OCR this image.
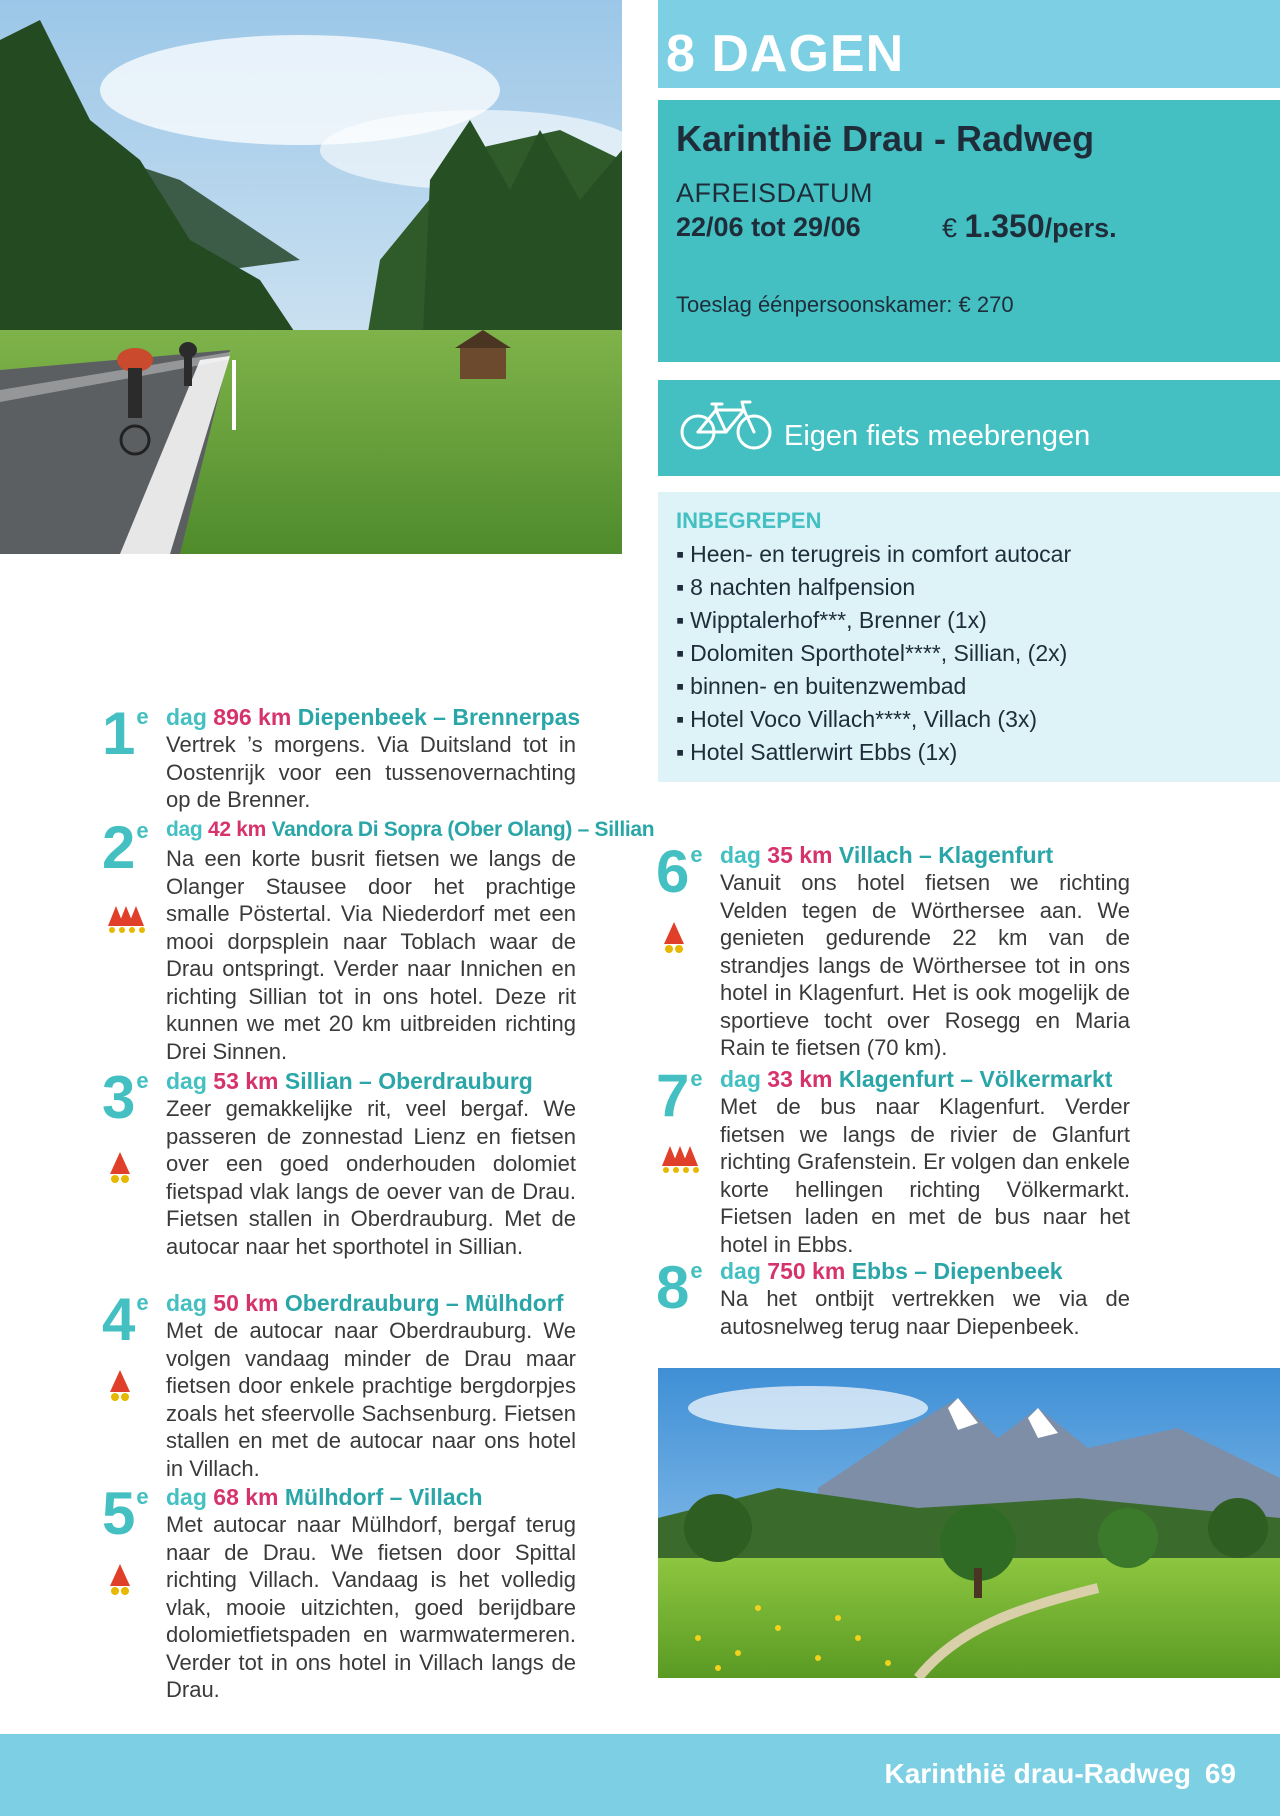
8 DAGEN
Karinthië Drau - Radweg
AFREISDATUM
22/06 tot 29/06	€ 1.350/pers.
Toeslag éénpersoonskamer: € 270
Eigen fiets meebrengen
INBEGREPEN
▪ Heen- en terugreis in comfort autocar
▪ 8 nachten halfpension
▪ Wipptalerhof***, Brenner (1x)
▪ Dolomiten Sporthotel****, Sillian, (2x)
▪ binnen- en buitenzwembad
▪ Hotel Voco Villach****, Villach (3x)
▪ Hotel Sattlerwirt Ebbs (1x)
1e dag 896 km Diepenbeek – Brennerpas
Vertrek ’s morgens. Via Duitsland tot in Oostenrijk voor een tussenovernachting op de Brenner.
2e dag 42 km Vandora Di Sopra (Ober Olang) – Sillian
Na een korte busrit fietsen we langs de Olanger Stausee door het prachtige smalle Pöstertal. Via Niederdorf met een mooi dorpsplein naar Toblach waar de Drau ontspringt. Verder naar Innichen en richting Sillian tot in ons hotel. Deze rit kunnen we met 20 km uitbreiden richting Drei Sinnen.
3e dag 53 km Sillian – Oberdrauburg
Zeer gemakkelijke rit, veel bergaf. We passeren de zonnestad Lienz en fietsen over een goed onderhouden dolomiet fietspad vlak langs de oever van de Drau. Fietsen stallen in Oberdrauburg. Met de autocar naar het sporthotel in Sillian.
4e dag 50 km Oberdrauburg – Mülhdorf
Met de autocar naar Oberdrauburg. We volgen vandaag minder de Drau maar fietsen door enkele prachtige bergdorpjes zoals het sfeervolle Sachsenburg. Fietsen stallen en met de autocar naar ons hotel in Villach.
5e dag 68 km Mülhdorf – Villach
Met autocar naar Mülhdorf, bergaf terug naar de Drau. We fietsen door Spittal richting Villach. Vandaag is het volledig vlak, mooie uitzichten, goed berijdbare dolomietfietspaden en warmwatermeren. Verder tot in ons hotel in Villach langs de Drau.
6e dag 35 km Villach – Klagenfurt
Vanuit ons hotel fietsen we richting Velden tegen de Wörthersee aan. We genieten gedurende 22 km van de strandjes langs de Wörthersee tot in ons hotel in Klagenfurt. Het is ook mogelijk de sportieve tocht over Rosegg en Maria Rain te fietsen (70 km).
7e dag 33 km Klagenfurt – Völkermarkt
Met de bus naar Klagenfurt. Verder fietsen we langs de rivier de Glanfurt richting Grafenstein. Er volgen dan enkele korte hellingen richting Völkermarkt. Fietsen laden en met de bus naar het hotel in Ebbs.
8e dag 750 km Ebbs – Diepenbeek
Na het ontbijt vertrekken we via de autosnelweg terug naar Diepenbeek.
Karinthië drau-Radweg 69
